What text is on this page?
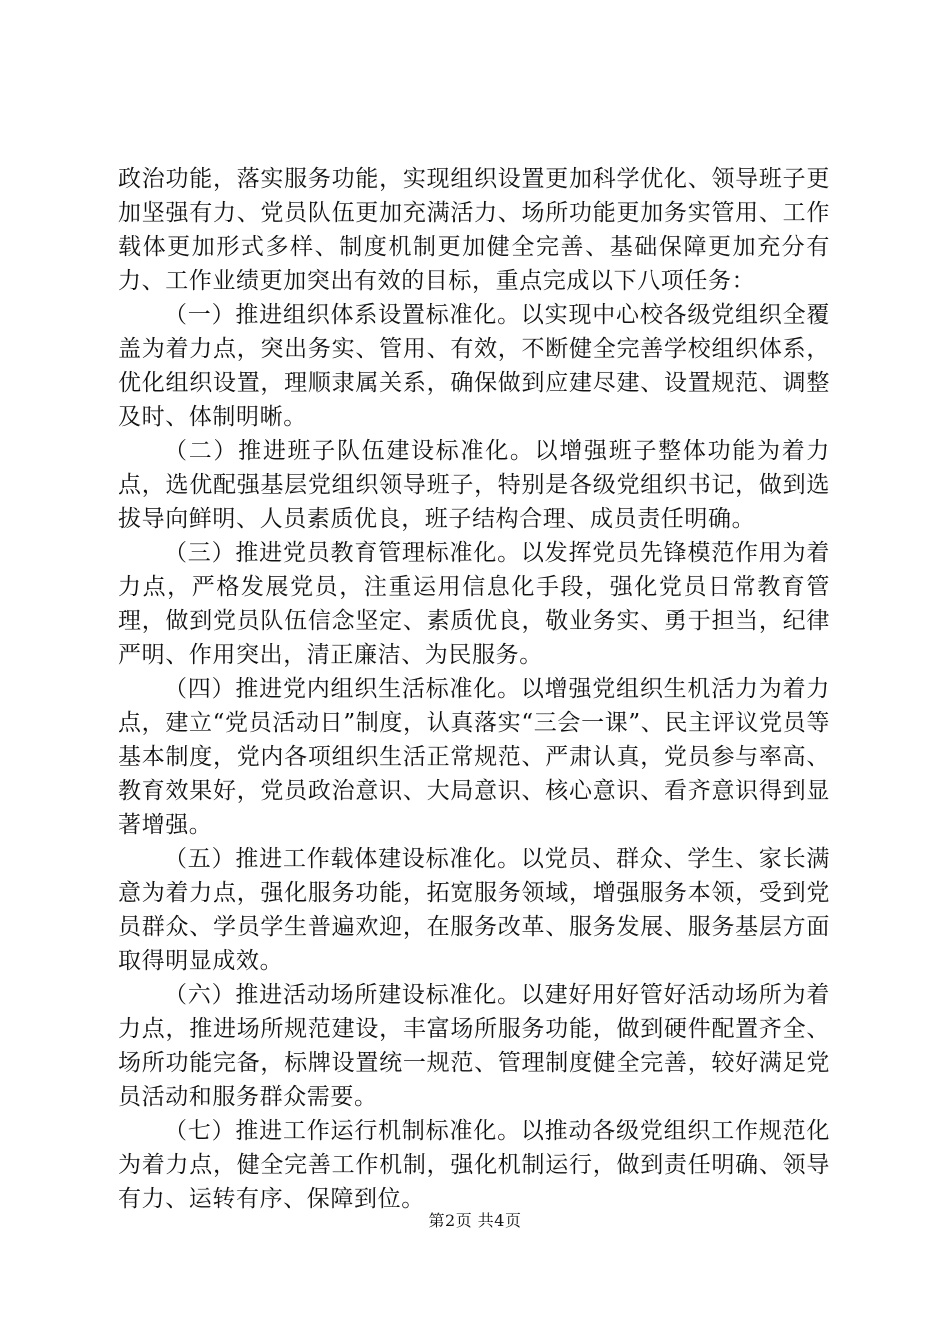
政治功能，落实服务功能，实现组织设置更加科学优化、领导班子更加坚强有力、党员队伍更加充满活力、场所功能更加务实管用、工作载体更加形式多样、制度机制更加健全完善、基础保障更加充分有力、工作业绩更加突出有效的目标，重点完成以下八项任务：

（一）推进组织体系设置标准化。以实现中心校各级党组织全覆盖为着力点，突出务实、管用、有效，不断健全完善学校组织体系，优化组织设置，理顺隶属关系，确保做到应建尽建、设置规范、调整及时、体制明晰。

（二）推进班子队伍建设标准化。以增强班子整体功能为着力点，选优配强基层党组织领导班子，特别是各级党组织书记，做到选拔导向鲜明、人员素质优良，班子结构合理、成员责任明确。

（三）推进党员教育管理标准化。以发挥党员先锋模范作用为着力点，严格发展党员，注重运用信息化手段，强化党员日常教育管理，做到党员队伍信念坚定、素质优良，敬业务实、勇于担当，纪律严明、作用突出，清正廉洁、为民服务。

（四）推进党内组织生活标准化。以增强党组织生机活力为着力点，建立“党员活动日”制度，认真落实“三会一课”、民主评议党员等基本制度，党内各项组织生活正常规范、严肃认真，党员参与率高、教育效果好，党员政治意识、大局意识、核心意识、看齐意识得到显著增强。

（五）推进工作载体建设标准化。以党员、群众、学生、家长满意为着力点，强化服务功能，拓宽服务领域，增强服务本领，受到党员群众、学员学生普遍欢迎，在服务改革、服务发展、服务基层方面取得明显成效。

（六）推进活动场所建设标准化。以建好用好管好活动场所为着力点，推进场所规范建设，丰富场所服务功能，做到硬件配置齐全、场所功能完备，标牌设置统一规范、管理制度健全完善，较好满足党员活动和服务群众需要。

（七）推进工作运行机制标准化。以推动各级党组织工作规范化为着力点，健全完善工作机制，强化机制运行，做到责任明确、领导有力、运转有序、保障到位。

第2页 共4页
